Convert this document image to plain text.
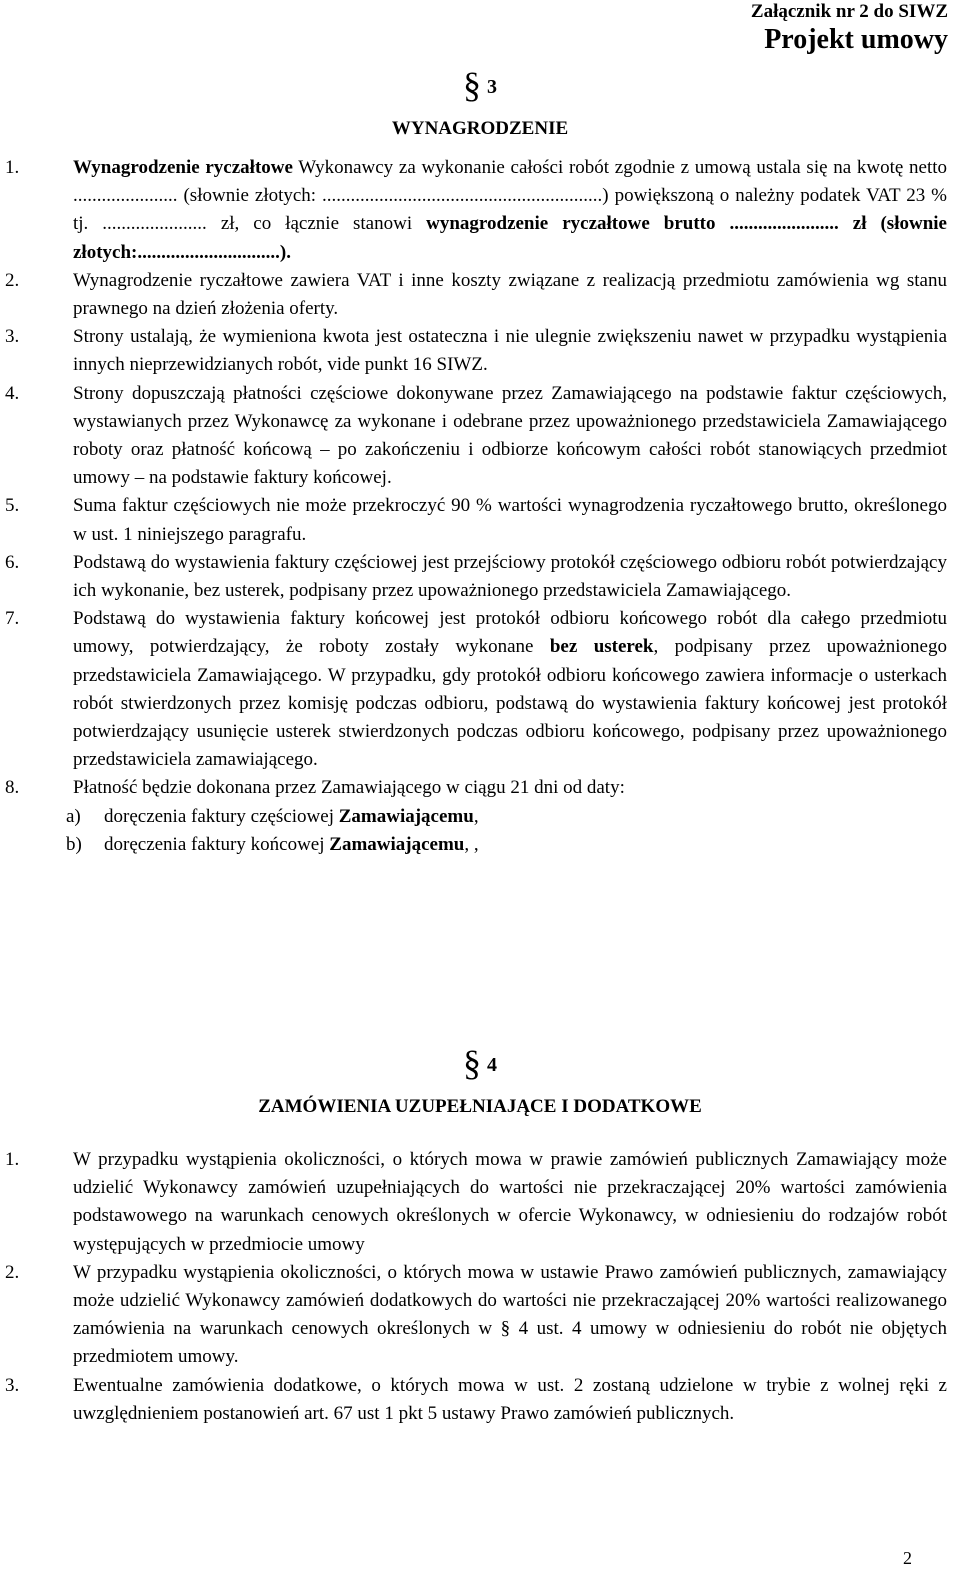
Załącznik nr 2 do SIWZ
Projekt umowy
§ 3
WYNAGRODZENIE
1.	Wynagrodzenie ryczałtowe Wykonawcy za wykonanie całości robót zgodnie z umową ustala się na kwotę netto ...................... (słownie złotych: ...........................................................) powiększoną o należny podatek VAT 23 % tj. ...................... zł, co łącznie stanowi wynagrodzenie ryczałtowe brutto ....................... zł (słownie złotych:..............................).
2.	Wynagrodzenie ryczałtowe zawiera VAT i inne koszty związane z realizacją przedmiotu zamówienia wg stanu prawnego na dzień złożenia oferty.
3.	Strony ustalają, że wymieniona kwota jest ostateczna i nie ulegnie zwiększeniu nawet w przypadku wystąpienia innych nieprzewidzianych robót, vide punkt 16 SIWZ.
4.	Strony dopuszczają płatności częściowe dokonywane przez Zamawiającego na podstawie faktur częściowych, wystawianych przez Wykonawcę za wykonane i odebrane przez upoważnionego przedstawiciela Zamawiającego roboty oraz płatność końcową – po zakończeniu i odbiorze końcowym całości robót stanowiących przedmiot umowy – na podstawie faktury końcowej.
5.	Suma faktur częściowych nie może przekroczyć 90 % wartości wynagrodzenia ryczałtowego brutto, określonego w ust. 1 niniejszego paragrafu.
6.	Podstawą do wystawienia faktury częściowej jest przejściowy protokół częściowego odbioru robót potwierdzający ich wykonanie, bez usterek, podpisany przez upoważnionego przedstawiciela Zamawiającego.
7.	Podstawą do wystawienia faktury końcowej jest protokół odbioru końcowego robót dla całego przedmiotu umowy, potwierdzający, że roboty zostały wykonane bez usterek, podpisany przez upoważnionego przedstawiciela Zamawiającego. W przypadku, gdy protokół odbioru końcowego zawiera informacje o usterkach robót stwierdzonych przez komisję podczas odbioru, podstawą do wystawienia faktury końcowej jest protokół potwierdzający usunięcie usterek stwierdzonych podczas odbioru końcowego, podpisany przez upoważnionego przedstawiciela zamawiającego.
8.	Płatność będzie dokonana przez Zamawiającego w ciągu 21 dni od daty:
a) doręczenia faktury częściowej Zamawiającemu,
b) doręczenia faktury końcowej Zamawiającemu, ,
§ 4
ZAMÓWIENIA UZUPEŁNIAJĄCE I DODATKOWE
1.	W przypadku wystąpienia okoliczności, o których mowa w prawie zamówień publicznych Zamawiający może udzielić Wykonawcy zamówień uzupełniających do wartości nie przekraczającej 20% wartości zamówienia podstawowego na warunkach cenowych określonych w ofercie Wykonawcy, w odniesieniu do rodzajów robót występujących w przedmiocie umowy
2.	W przypadku wystąpienia okoliczności, o których mowa w ustawie Prawo zamówień publicznych, zamawiający może udzielić Wykonawcy zamówień dodatkowych do wartości nie przekraczającej 20% wartości realizowanego zamówienia na warunkach cenowych określonych w § 4 ust. 4 umowy w odniesieniu do robót nie objętych przedmiotem umowy.
3.	Ewentualne zamówienia dodatkowe, o których mowa w ust. 2 zostaną udzielone w trybie z wolnej ręki z uwzględnieniem postanowień art. 67 ust 1 pkt 5 ustawy Prawo zamówień publicznych.
2
